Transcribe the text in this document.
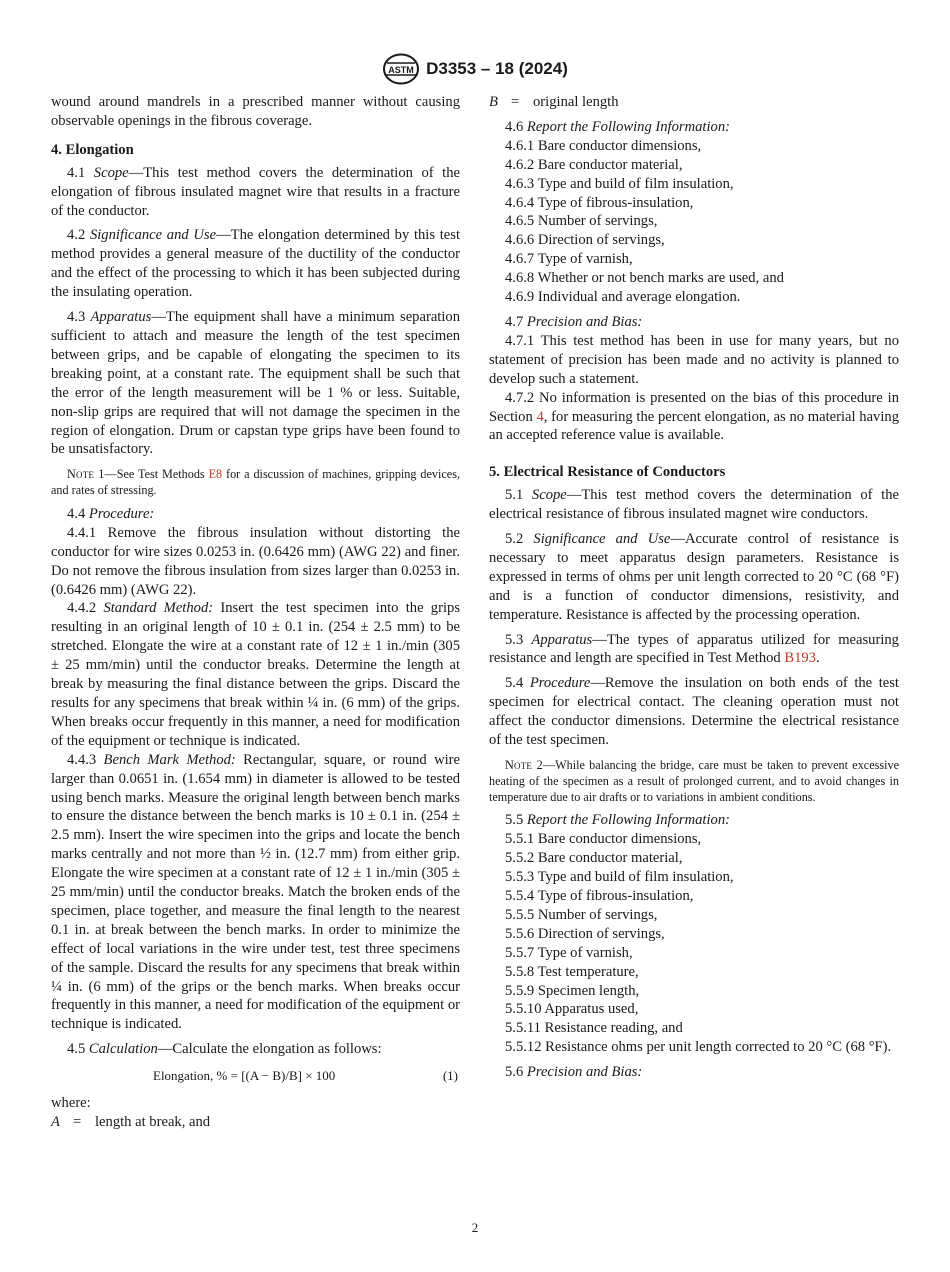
ASTM D3353 – 18 (2024)

wound around mandrels in a prescribed manner without causing observable openings in the fibrous coverage.

4. Elongation

4.1 Scope—This test method covers the determination of the elongation of fibrous insulated magnet wire that results in a fracture of the conductor.

4.2 Significance and Use—The elongation determined by this test method provides a general measure of the ductility of the conductor and the effect of the processing to which it has been subjected during the insulating operation.

4.3 Apparatus—The equipment shall have a minimum separation sufficient to attach and measure the length of the test specimen between grips, and be capable of elongating the specimen to its breaking point, at a constant rate. The equipment shall be such that the error of the length measurement will be 1 % or less. Suitable, non-slip grips are required that will not damage the specimen in the region of elongation. Drum or capstan type grips have been found to be unsatisfactory.

Note 1—See Test Methods E8 for a discussion of machines, gripping devices, and rates of stressing.

4.4 Procedure:

4.4.1 Remove the fibrous insulation without distorting the conductor for wire sizes 0.0253 in. (0.6426 mm) (AWG 22) and finer. Do not remove the fibrous insulation from sizes larger than 0.0253 in. (0.6426 mm) (AWG 22).

4.4.2 Standard Method: Insert the test specimen into the grips resulting in an original length of 10 ± 0.1 in. (254 ± 2.5 mm) to be stretched. Elongate the wire at a constant rate of 12 ± 1 in./min (305 ± 25 mm/min) until the conductor breaks. Determine the length at break by measuring the final distance between the grips. Discard the results for any specimens that break within ¼ in. (6 mm) of the grips. When breaks occur frequently in this manner, a need for modification of the equipment or technique is indicated.

4.4.3 Bench Mark Method: Rectangular, square, or round wire larger than 0.0651 in. (1.654 mm) in diameter is allowed to be tested using bench marks. Measure the original length between bench marks to ensure the distance between the bench marks is 10 ± 0.1 in. (254 ± 2.5 mm). Insert the wire specimen into the grips and locate the bench marks centrally and not more than ½ in. (12.7 mm) from either grip. Elongate the wire specimen at a constant rate of 12 ± 1 in./min (305 ± 25 mm/min) until the conductor breaks. Match the broken ends of the specimen, place together, and measure the final length to the nearest 0.1 in. at break between the bench marks. In order to minimize the effect of local variations in the wire under test, test three specimens of the sample. Discard the results for any specimens that break within ¼ in. (6 mm) of the grips or the bench marks. When breaks occur frequently in this manner, a need for modification of the equipment or technique is indicated.

4.5 Calculation—Calculate the elongation as follows:

Elongation, % = [(A − B)/B] × 100	(1)

where:

A = length at break, and
B = original length

4.6 Report the Following Information:

4.6.1 Bare conductor dimensions,

4.6.2 Bare conductor material,

4.6.3 Type and build of film insulation,

4.6.4 Type of fibrous-insulation,

4.6.5 Number of servings,

4.6.6 Direction of servings,

4.6.7 Type of varnish,

4.6.8 Whether or not bench marks are used, and

4.6.9 Individual and average elongation.

4.7 Precision and Bias:

4.7.1 This test method has been in use for many years, but no statement of precision has been made and no activity is planned to develop such a statement.

4.7.2 No information is presented on the bias of this procedure in Section 4, for measuring the percent elongation, as no material having an accepted reference value is available.

5. Electrical Resistance of Conductors

5.1 Scope—This test method covers the determination of the electrical resistance of fibrous insulated magnet wire conductors.

5.2 Significance and Use—Accurate control of resistance is necessary to meet apparatus design parameters. Resistance is expressed in terms of ohms per unit length corrected to 20 °C (68 °F) and is a function of conductor dimensions, resistivity, and temperature. Resistance is affected by the processing operation.

5.3 Apparatus—The types of apparatus utilized for measuring resistance and length are specified in Test Method B193.

5.4 Procedure—Remove the insulation on both ends of the test specimen for electrical contact. The cleaning operation must not affect the conductor dimensions. Determine the electrical resistance of the test specimen.

Note 2—While balancing the bridge, care must be taken to prevent excessive heating of the specimen as a result of prolonged current, and to avoid changes in temperature due to air drafts or to variations in ambient conditions.

5.5 Report the Following Information:

5.5.1 Bare conductor dimensions,

5.5.2 Bare conductor material,

5.5.3 Type and build of film insulation,

5.5.4 Type of fibrous-insulation,

5.5.5 Number of servings,

5.5.6 Direction of servings,

5.5.7 Type of varnish,

5.5.8 Test temperature,

5.5.9 Specimen length,

5.5.10 Apparatus used,

5.5.11 Resistance reading, and

5.5.12 Resistance ohms per unit length corrected to 20 °C (68 °F).

5.6 Precision and Bias:

2
